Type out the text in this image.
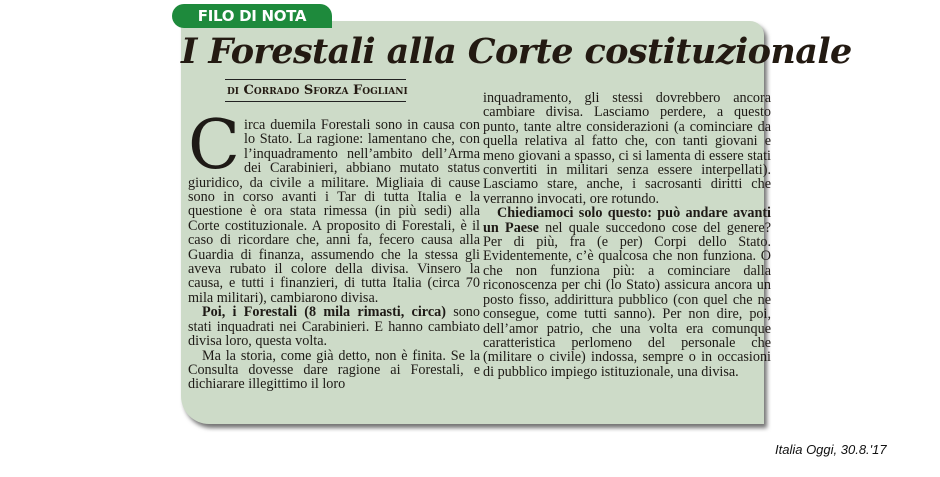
FILO DI NOTA
I Forestali alla Corte costituzionale
di Corrado Sforza Fogliani

Circa duemila Forestali sono in causa con lo Stato. La ragione: lamentano che, con l’inquadramento nell’ambito dell’Arma dei Carabinieri, abbiano mutato status giuridico, da civile a militare. Migliaia di cause sono in corso avanti i Tar di tutta Italia e la questione è ora stata rimessa (in più sedi) alla Corte costituzionale. A proposito di Forestali, è il caso di ricordare che, anni fa, fecero causa alla Guardia di finanza, assumendo che la stessa gli aveva rubato il colore della divisa. Vinsero la causa, e tutti i finanzieri, di tutta Italia (circa 70 mila militari), cambiarono divisa.

Poi, i Forestali (8 mila rimasti, circa) sono stati inquadrati nei Carabinieri. E hanno cambiato divisa loro, questa volta.

Ma la storia, come già detto, non è finita. Se la Consulta dovesse dare ragione ai Forestali, e dichiarare illegittimo il loro

inquadramento, gli stessi dovrebbero ancora cambiare divisa. Lasciamo perdere, a questo punto, tante altre considerazioni (a cominciare da quella relativa al fatto che, con tanti giovani e meno giovani a spasso, ci si lamenta di essere stati convertiti in militari senza essere interpellati). Lasciamo stare, anche, i sacrosanti diritti che verranno invocati, ore rotundo.

Chiediamoci solo questo: può andare avanti un Paese nel quale succedono cose del genere? Per di più, fra (e per) Corpi dello Stato. Evidentemente, c’è qualcosa che non funziona. O che non funziona più: a cominciare dalla riconoscenza per chi (lo Stato) assicura ancora un posto fisso, addirittura pubblico (con quel che ne consegue, come tutti sanno). Per non dire, poi, dell’amor patrio, che una volta era comunque caratteristica perlomeno del personale che (militare o civile) indossa, sempre o in occasioni di pubblico impiego istituzionale, una divisa.

Italia Oggi, 30.8.'17
